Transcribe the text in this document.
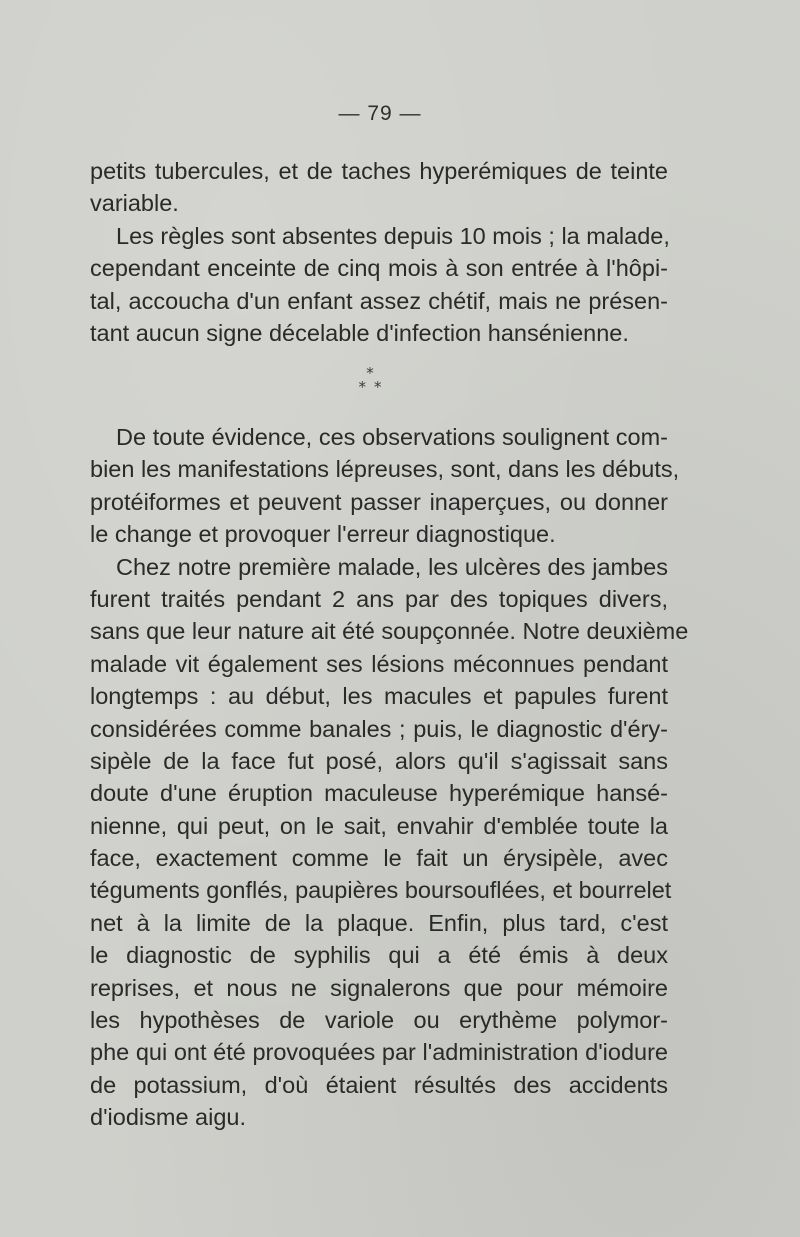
— 79 —
petits tubercules, et de taches hyperémiques de teinte
variable.
Les règles sont absentes depuis 10 mois ; la malade,
cependant enceinte de cinq mois à son entrée à l'hôpi-
tal, accoucha d'un enfant assez chétif, mais ne présen-
tant aucun signe décelable d'infection hansénienne.
*
**
De toute évidence, ces observations soulignent com-
bien les manifestations lépreuses, sont, dans les débuts,
protéiformes et peuvent passer inaperçues, ou donner
le change et provoquer l'erreur diagnostique.
Chez notre première malade, les ulcères des jambes
furent traités pendant 2 ans par des topiques divers,
sans que leur nature ait été soupçonnée. Notre deuxième
malade vit également ses lésions méconnues pendant
longtemps : au début, les macules et papules furent
considérées comme banales ; puis, le diagnostic d'éry-
sipèle de la face fut posé, alors qu'il s'agissait sans
doute d'une éruption maculeuse hyperémique hansé-
nienne, qui peut, on le sait, envahir d'emblée toute la
face, exactement comme le fait un érysipèle, avec
téguments gonflés, paupières boursouflées, et bourrelet
net à la limite de la plaque. Enfin, plus tard, c'est
le diagnostic de syphilis qui a été émis à deux
reprises, et nous ne signalerons que pour mémoire
les hypothèses de variole ou erythème polymor-
phe qui ont été provoquées par l'administration d'iodure
de potassium, d'où étaient résultés des accidents
d'iodisme aigu.
